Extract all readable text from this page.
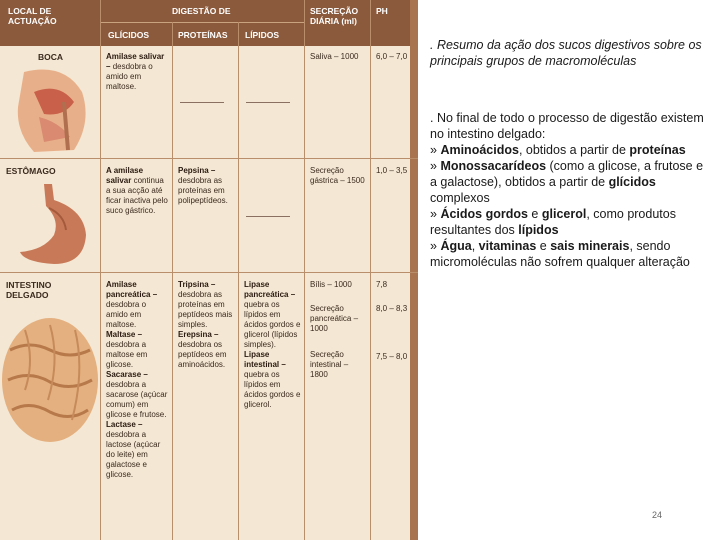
LOCAL DE ACTUAÇÃO
DIGESTÃO DE
GLÍCIDOS	PROTEÍNAS LÍPIDOS
SECREÇÃO DIÁRIA (ml)
PH
BOCA
ESTÔMAGO
INTESTINO DELGADO
Amilase salivar – desdobra o amido em maltose.
Saliva – 1000	6,0 – 7,0
A amilase salivar continua a sua acção até ficar inactiva pelo suco gástrico.
Pepsina – desdobra as proteínas em polipeptídeos.
Secreção gástrica – 1500
1,0 – 3,5
Amilase pancreática – desdobra o amido em maltose.
Maltase – desdobra a maltose em glicose.
Sacarase – desdobra a sacarose (açúcar comum) em glicose e frutose.
Lactase – desdobra a lactose (açúcar do leite) em galactose e glicose.
Tripsina – desdobra as proteínas em peptídeos mais simples.
Erepsina – desdobra os peptídeos em aminoácidos.
Lipase pancreática – quebra os lípidos em ácidos gordos e glicerol (lípidos simples).
Lipase intestinal – quebra os lípidos em ácidos gordos e glicerol.
Bílis – 1000
Secreção pancreática – 1000
Secreção intestinal – 1800
7,8
8,0 – 8,3
7,5 – 8,0
. Resumo da ação dos sucos digestivos sobre os principais grupos de macromoléculas
. No final de todo o processo de digestão existem no intestino delgado:
» Aminoácidos, obtidos a partir de proteínas
» Monossacarídeos (como a glicose, a frutose e a galactose), obtidos a partir de glícidos complexos
» Ácidos gordos e glicerol, como produtos resultantes dos lípidos
» Água, vitaminas e sais minerais, sendo micromoléculas não sofrem qualquer alteração
24
